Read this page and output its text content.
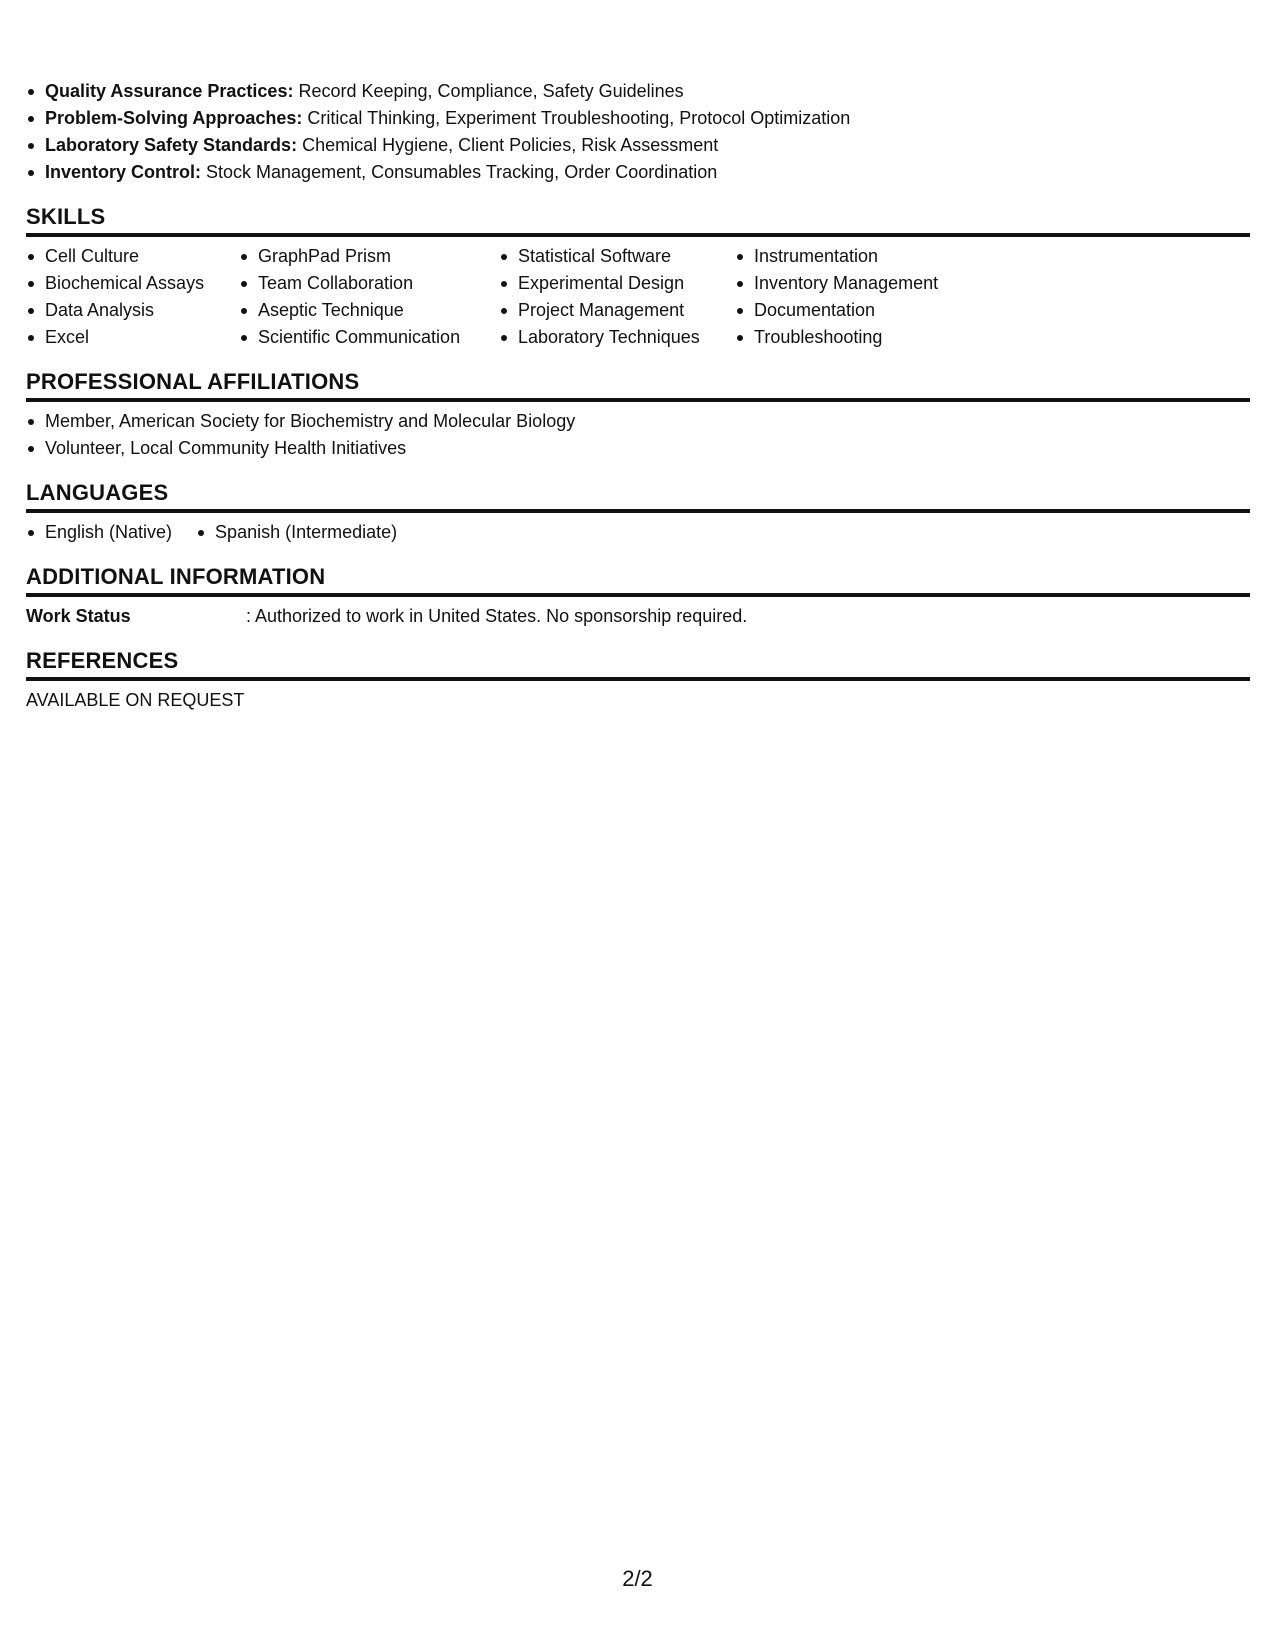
Quality Assurance Practices: Record Keeping, Compliance, Safety Guidelines
Problem-Solving Approaches: Critical Thinking, Experiment Troubleshooting, Protocol Optimization
Laboratory Safety Standards: Chemical Hygiene, Client Policies, Risk Assessment
Inventory Control: Stock Management, Consumables Tracking, Order Coordination
SKILLS
Cell Culture
Biochemical Assays
Data Analysis
Excel
GraphPad Prism
Team Collaboration
Aseptic Technique
Scientific Communication
Statistical Software
Experimental Design
Project Management
Laboratory Techniques
Instrumentation
Inventory Management
Documentation
Troubleshooting
PROFESSIONAL AFFILIATIONS
Member, American Society for Biochemistry and Molecular Biology
Volunteer, Local Community Health Initiatives
LANGUAGES
English (Native)	Spanish (Intermediate)
ADDITIONAL INFORMATION
Work Status	: Authorized to work in United States. No sponsorship required.
REFERENCES
AVAILABLE ON REQUEST
2/2
